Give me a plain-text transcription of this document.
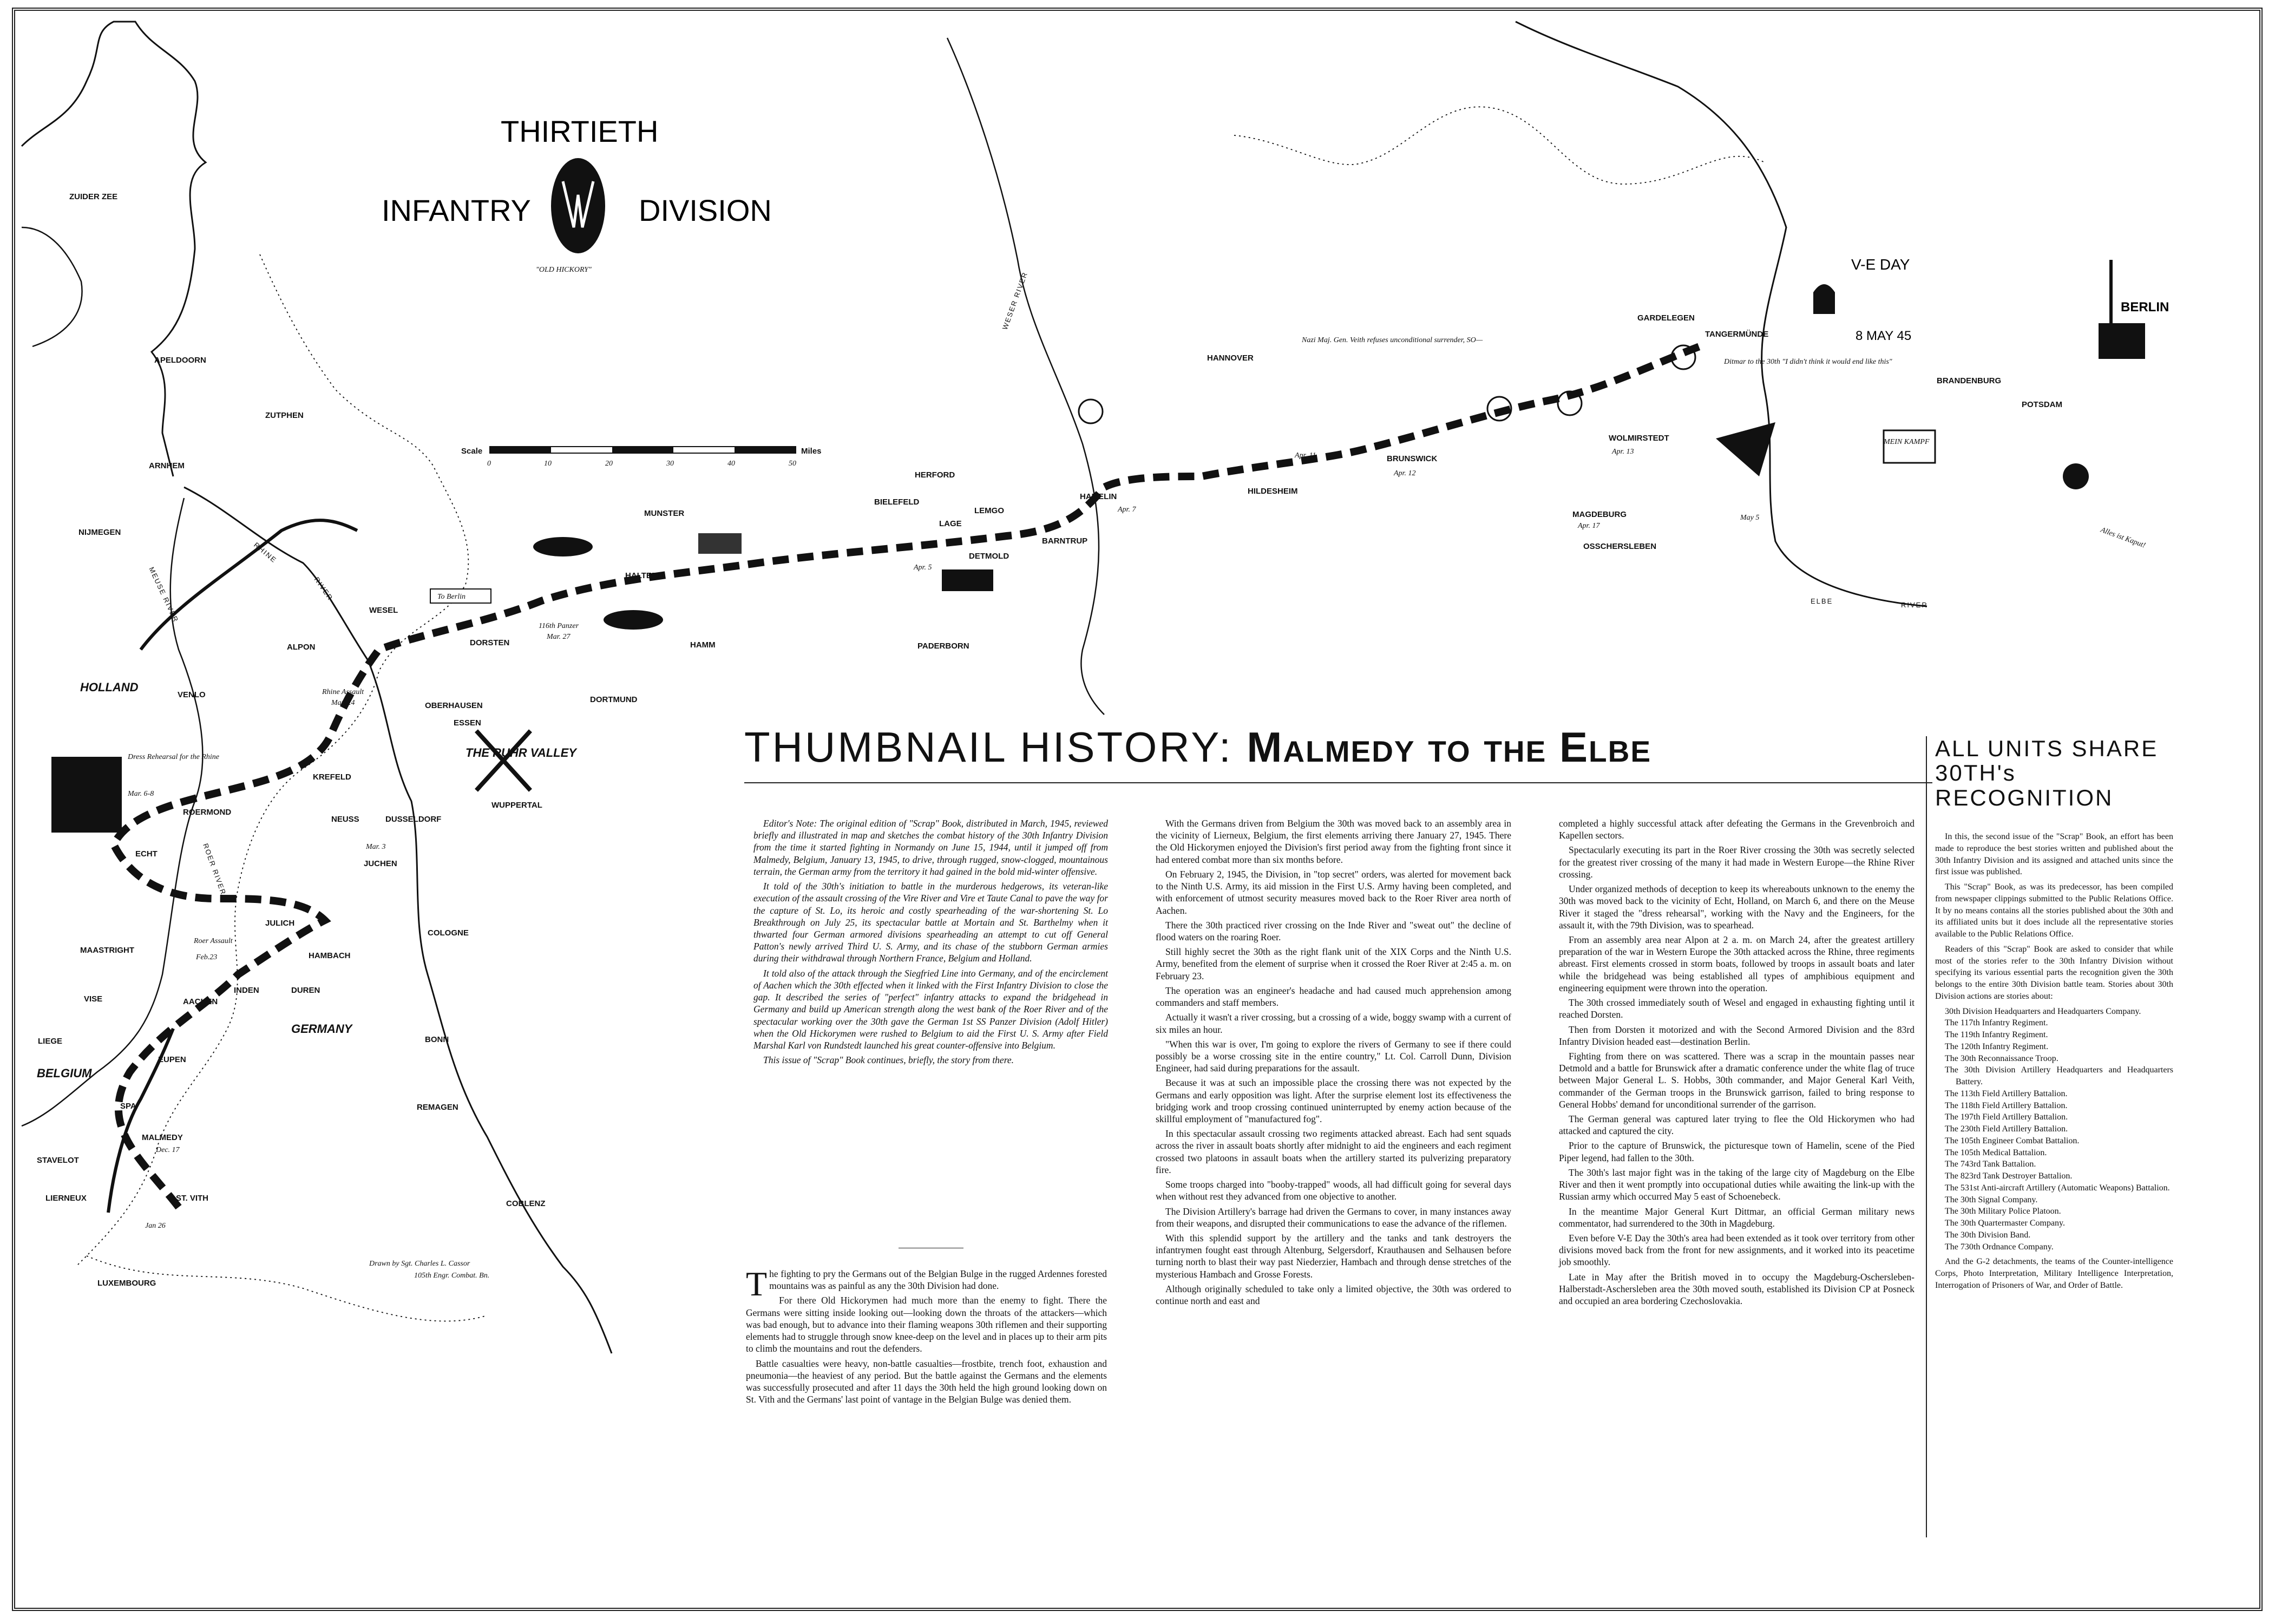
Scale
0	10	20	30	40	50
Miles
THIRTIETH
INFANTRY	DIVISION
"OLD HICKORY"
ZUIDER ZEE
APELDOORN
ZUTPHEN
ARNHEM
NIJMEGEN
WESEL
ALPON
HOLLAND
VENLO
ROERMOND
ECHT
KREFELD
NEUSS	DUSSELDORF
JUCHEN
JULICH
HAMBACH
MAASTRIGHT
VISE
LIEGE
BELGIUM
AACHEN
INDEN	DUREN
GERMANY
EUPEN
SPA
MALMEDY
STAVELOT
LIERNEUX	ST. VITH
LUXEMBOURG
BONN
REMAGEN
COBLENZ
COLOGNE
OBERHAUSEN
ESSEN
WUPPERTAL
DORTMUND
DORSTEN
HALTERN
HAMM
MUNSTER
HERFORD
BIELEFELD
LAGE
LEMGO
DETMOLD
BARNTRUP
PADERBORN
HAMELIN
HANNOVER
HILDESHEIM
BRUNSWICK
MAGDEBURG
OSSCHERSLEBEN
WOLMIRSTEDT
GARDELEGEN
TANGERMÜNDE
BRANDENBURG
POTSDAM
BERLIN
THE RUHR VALLEY
RHINE
RIVER
MEUSE RIVER
ROER RIVER
WESER RIVER
ELBE	RIVER
Dress Rehearsal for the Rhine
Mar. 6-8
Rhine Assault
Mar. 24
Roer Assault
Feb.23
116th Panzer
Mar. 27
Apr. 5
Apr. 7
Apr. 11
Apr. 12
Apr. 13
Apr. 17
Mar. 3
Dec. 17
Jan 26
May 5
To Berlin
Nazi Maj. Gen. Veith refuses unconditional surrender, SO—
Ditmar to the 30th "I didn't think it would end like this"
V-E DAY
8 MAY 45
Alles ist Kaput!
MEIN KAMPF
Drawn by Sgt. Charles L. Cassor
105th Engr. Combat. Bn.
THUMBNAIL HISTORY: Malmedy to the Elbe

Editor's Note: The original edition of "Scrap" Book, distributed in March, 1945, reviewed briefly and illustrated in map and sketches the combat history of the 30th Infantry Division from the time it started fighting in Normandy on June 15, 1944, until it jumped off from Malmedy, Belgium, January 13, 1945, to drive, through rugged, snow-clogged, mountainous terrain, the German army from the territory it had gained in the bold mid-winter offensive.

It told of the 30th's initiation to battle in the murderous hedgerows, its veteran-like execution of the assault crossing of the Vire River and Vire et Taute Canal to pave the way for the capture of St. Lo, its heroic and costly spearheading of the war-shortening St. Lo Breakthrough on July 25, its spectacular battle at Mortain and St. Barthelmy when it thwarted four German armored divisions spearheading an attempt to cut off General Patton's newly arrived Third U. S. Army, and its chase of the stubborn German armies during their withdrawal through Northern France, Belgium and Holland.

It told also of the attack through the Siegfried Line into Germany, and of the encirclement of Aachen which the 30th effected when it linked with the First Infantry Division to close the gap. It described the series of "perfect" infantry attacks to expand the bridgehead in Germany and build up American strength along the west bank of the Roer River and of the spectacular working over the 30th gave the German 1st SS Panzer Division (Adolf Hitler) when the Old Hickorymen were rushed to Belgium to aid the First U. S. Army after Field Marshal Karl von Rundstedt launched his great counter-offensive into Belgium.

This issue of "Scrap" Book continues, briefly, the story from there.

The fighting to pry the Germans out of the Belgian Bulge in the rugged Ardennes forested mountains was as painful as any the 30th Division had done.

For there Old Hickorymen had much more than the enemy to fight. There the Germans were sitting inside looking out—looking down the throats of the attackers—which was bad enough, but to advance into their flaming weapons 30th riflemen and their supporting elements had to struggle through snow knee-deep on the level and in places up to their arm pits to climb the mountains and rout the defenders.

Battle casualties were heavy, non-battle casualties—frostbite, trench foot, exhaustion and pneumonia—the heaviest of any period. But the battle against the Germans and the elements was successfully prosecuted and after 11 days the 30th held the high ground looking down on St. Vith and the Germans' last point of vantage in the Belgian Bulge was denied them.

With the Germans driven from Belgium the 30th was moved back to an assembly area in the vicinity of Lierneux, Belgium, the first elements arriving there January 27, 1945. There the Old Hickorymen enjoyed the Division's first period away from the fighting front since it had entered combat more than six months before.

On February 2, 1945, the Division, in "top secret" orders, was alerted for movement back to the Ninth U.S. Army, its aid mission in the First U.S. Army having been completed, and with enforcement of utmost security measures moved back to the Roer River area north of Aachen.

There the 30th practiced river crossing on the Inde River and "sweat out" the decline of flood waters on the roaring Roer.

Still highly secret the 30th as the right flank unit of the XIX Corps and the Ninth U.S. Army, benefited from the element of surprise when it crossed the Roer River at 2:45 a. m. on February 23.

The operation was an engineer's headache and had caused much apprehension among commanders and staff members.

Actually it wasn't a river crossing, but a crossing of a wide, boggy swamp with a current of six miles an hour.

"When this war is over, I'm going to explore the rivers of Germany to see if there could possibly be a worse crossing site in the entire country," Lt. Col. Carroll Dunn, Division Engineer, had said during preparations for the assault.

Because it was at such an impossible place the crossing there was not expected by the Germans and early opposition was light. After the surprise element lost its effectiveness the bridging work and troop crossing continued uninterrupted by enemy action because of the skillful employment of "manufactured fog".

In this spectacular assault crossing two regiments attacked abreast. Each had sent squads across the river in assault boats shortly after midnight to aid the engineers and each regiment crossed two platoons in assault boats when the artillery started its pulverizing preparatory fire.

Some troops charged into "booby-trapped" woods, all had difficult going for several days when without rest they advanced from one objective to another.

The Division Artillery's barrage had driven the Germans to cover, in many instances away from their weapons, and disrupted their communications to ease the advance of the riflemen.

With this splendid support by the artillery and the tanks and tank destroyers the infantrymen fought east through Altenburg, Selgersdorf, Krauthausen and Selhausen before turning north to blast their way past Niederzier, Hambach and through dense stretches of the mysterious Hambach and Grosse Forests.

Although originally scheduled to take only a limited objective, the 30th was ordered to continue north and east and

completed a highly successful attack after defeating the Germans in the Grevenbroich and Kapellen sectors.

Spectacularly executing its part in the Roer River crossing the 30th was secretly selected for the greatest river crossing of the many it had made in Western Europe—the Rhine River crossing.

Under organized methods of deception to keep its whereabouts unknown to the enemy the 30th was moved back to the vicinity of Echt, Holland, on March 6, and there on the Meuse River it staged the "dress rehearsal", working with the Navy and the Engineers, for the assault it, with the 79th Division, was to spearhead.

From an assembly area near Alpon at 2 a. m. on March 24, after the greatest artillery preparation of the war in Western Europe the 30th attacked across the Rhine, three regiments abreast. First elements crossed in storm boats, followed by troops in assault boats and later while the bridgehead was being established all types of amphibious equipment and engineering equipment were thrown into the operation.

The 30th crossed immediately south of Wesel and engaged in exhausting fighting until it reached Dorsten.

Then from Dorsten it motorized and with the Second Armored Division and the 83rd Infantry Division headed east—destination Berlin.

Fighting from there on was scattered. There was a scrap in the mountain passes near Detmold and a battle for Brunswick after a dramatic conference under the white flag of truce between Major General L. S. Hobbs, 30th commander, and Major General Karl Veith, commander of the German troops in the Brunswick garrison, failed to bring response to General Hobbs' demand for unconditional surrender of the garrison.

The German general was captured later trying to flee the Old Hickorymen who had attacked and captured the city.

Prior to the capture of Brunswick, the picturesque town of Hamelin, scene of the Pied Piper legend, had fallen to the 30th.

The 30th's last major fight was in the taking of the large city of Magdeburg on the Elbe River and then it went promptly into occupational duties while awaiting the link-up with the Russian army which occurred May 5 east of Schoenebeck.

In the meantime Major General Kurt Dittmar, an official German military news commentator, had surrendered to the 30th in Magdeburg.

Even before V-E Day the 30th's area had been extended as it took over territory from other divisions moved back from the front for new assignments, and it worked into its peacetime job smoothly.

Late in May after the British moved in to occupy the Magdeburg-Oschersleben-Halberstadt-Aschersleben area the 30th moved south, established its Division CP at Posneck and occupied an area bordering Czechoslovakia.

ALL UNITS SHARE 30TH's RECOGNITION

In this, the second issue of the "Scrap" Book, an effort has been made to reproduce the best stories written and published about the 30th Infantry Division and its assigned and attached units since the first issue was published.

This "Scrap" Book, as was its predecessor, has been compiled from newspaper clippings submitted to the Public Relations Office. It by no means contains all the stories published about the 30th and its affiliated units but it does include all the representative stories available to the Public Relations Office.

Readers of this "Scrap" Book are asked to consider that while most of the stories refer to the 30th Infantry Division without specifying its various essential parts the recognition given the 30th belongs to the entire 30th Division battle team. Stories about 30th Division actions are stories about:

30th Division Headquarters and Headquarters Company.
The 117th Infantry Regiment.
The 119th Infantry Regiment.
The 120th Infantry Regiment.
The 30th Reconnaissance Troop.
The 30th Division Artillery Headquarters and Headquarters Battery.
The 113th Field Artillery Battalion.
The 118th Field Artillery Battalion.
The 197th Field Artillery Battalion.
The 230th Field Artillery Battalion.
The 105th Engineer Combat Battalion.
The 105th Medical Battalion.
The 743rd Tank Battalion.
The 823rd Tank Destroyer Battalion.
The 531st Anti-aircraft Artillery (Automatic Weapons) Battalion.
The 30th Signal Company.
The 30th Military Police Platoon.
The 30th Quartermaster Company.
The 30th Division Band.
The 730th Ordnance Company.

And the G-2 detachments, the teams of the Counter-intelligence Corps, Photo Interpretation, Military Intelligence Interpretation, Interrogation of Prisoners of War, and Order of Battle.
